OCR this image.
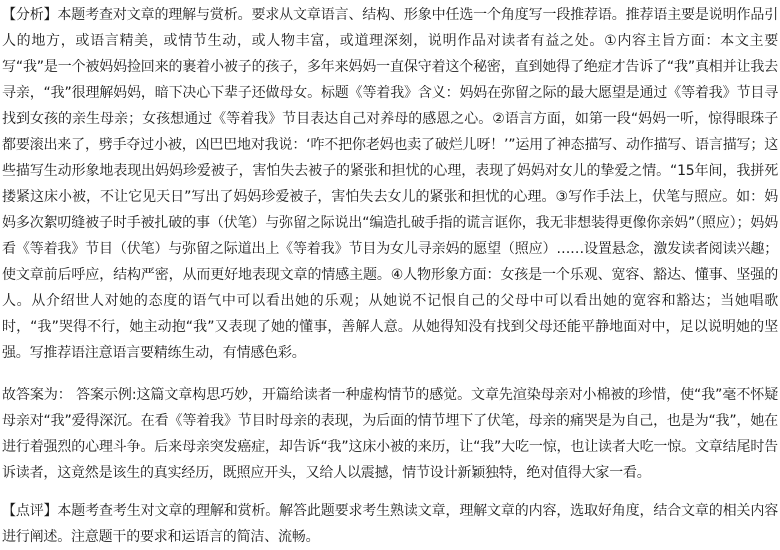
【分析】本题考查对文章的理解与赏析。要求从文章语言、结构、形象中任选一个角度写一段推荐语。推荐语主要是说明作品引人的地方，或语言精美，或情节生动，或人物丰富，或道理深刻，说明作品对读者有益之处。①内容主旨方面：本文主要写“我”是一个被妈妈捡回来的裹着小被子的孩子，多年来妈妈一直保守着这个秘密，直到她得了绝症才告诉了“我”真相并让我去寻亲，“我”很理解妈妈，暗下决心下辈子还做母女。标题《等着我》含义：妈妈在弥留之际的最大愿望是通过《等着我》节目寻找到女孩的亲生母亲；女孩想通过《等着我》节目表达自己对养母的感恩之心。②语言方面，如第一段“妈妈一听，惊得眼珠子都要滚出来了，劈手夺过小被，凶巴巴地对我说：‘咋不把你老妈也卖了破烂儿呀！’”运用了神态描写、动作描写、语言描写；这些描写生动形象地表现出妈妈珍爱被子，害怕失去被子的紧张和担忧的心理，表现了妈妈对女儿的挚爱之情。“15年间，我拼死搂紧这床小被，不让它见天日”写出了妈妈珍爱被子，害怕失去女儿的紧张和担忧的心理。③写作手法上，伏笔与照应。如：妈妈多次絮叨缝被子时手被扎破的事（伏笔）与弥留之际说出“编造扎破手指的谎言诓你，我无非想装得更像你亲妈”（照应）；妈妈看《等着我》节目（伏笔）与弥留之际道出上《等着我》节目为女儿寻亲妈的愿望（照应）……设置悬念，激发读者阅读兴趣；使文章前后呼应，结构严密，从而更好地表现文章的情感主题。④人物形象方面：女孩是一个乐观、宽容、豁达、懂事、坚强的人。从介绍世人对她的态度的语气中可以看出她的乐观；从她说不记恨自己的父母中可以看出她的宽容和豁达；当她唱歌时，“我”哭得不行，她主动抱“我”又表现了她的懂事，善解人意。从她得知没有找到父母还能平静地面对中，足以说明她的坚强。写推荐语注意语言要精练生动，有情感色彩。

故答案为： 答案示例:这篇文章构思巧妙，开篇给读者一种虚构情节的感觉。文章先渲染母亲对小棉被的珍惜，使“我”毫不怀疑母亲对“我”爱得深沉。在看《等着我》节目时母亲的表现，为后面的情节埋下了伏笔，母亲的痛哭是为自己，也是为“我”，她在进行着强烈的心理斗争。后来母亲突发癌症，却告诉“我”这床小被的来历，让“我”大吃一惊，也让读者大吃一惊。文章结尾时告诉读者，这竟然是该生的真实经历，既照应开头，又给人以震撼，情节设计新颖独特，绝对值得大家一看。

【点评】本题考查考生对文章的理解和赏析。解答此题要求考生熟读文章，理解文章的内容，选取好角度，结合文章的相关内容进行阐述。注意题干的要求和运语言的简洁、流畅。
